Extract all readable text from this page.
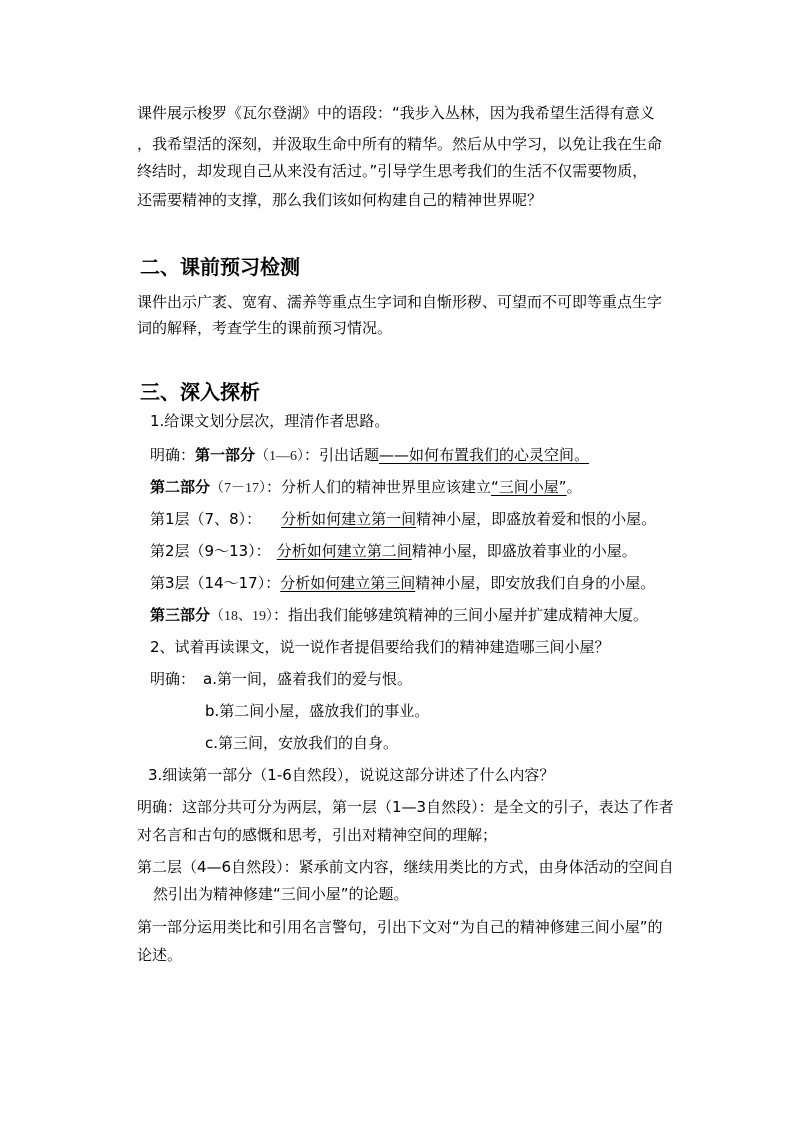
课件展示梭罗《瓦尔登湖》中的语段：“我步入丛林，因为我希望生活得有意义

，我希望活的深刻，并汲取生命中所有的精华。然后从中学习，以免让我在生命

终结时，却发现自己从来没有活过。”引导学生思考我们的生活不仅需要物质，

还需要精神的支撑，那么我们该如何构建自己的精神世界呢？

二、课前预习检测

课件出示广袤、宽宥、濡养等重点生字词和自惭形秽、可望而不可即等重点生字

词的解释，考查学生的课前预习情况。

三、深入探析

1.给课文划分层次，理清作者思路。

明确：第一部分（1—6）：引出话题——如何布置我们的心灵空间。

第二部分（7－17）：分析人们的精神世界里应该建立“三间小屋”。

第1层（7、8）： 分析如何建立第一间精神小屋，即盛放着爱和恨的小屋。

第2层（9～13）： 分析如何建立第二间精神小屋，即盛放着事业的小屋。

第3层（14～17）：分析如何建立第三间精神小屋，即安放我们自身的小屋。

第三部分（18、19）：指出我们能够建筑精神的三间小屋并扩建成精神大厦。

2、试着再读课文，说一说作者提倡要给我们的精神建造哪三间小屋？

明确： a.第一间，盛着我们的爱与恨。

b.第二间小屋，盛放我们的事业。

c.第三间，安放我们的自身。

3.细读第一部分（1-6自然段），说说这部分讲述了什么内容？

明确：这部分共可分为两层，第一层（1—3自然段）：是全文的引子，表达了作者

对名言和古句的感慨和思考，引出对精神空间的理解；

第二层（4—6自然段）：紧承前文内容，继续用类比的方式，由身体活动的空间自

然引出为精神修建“三间小屋”的论题。

第一部分运用类比和引用名言警句，引出下文对“为自己的精神修建三间小屋”的

论述。
